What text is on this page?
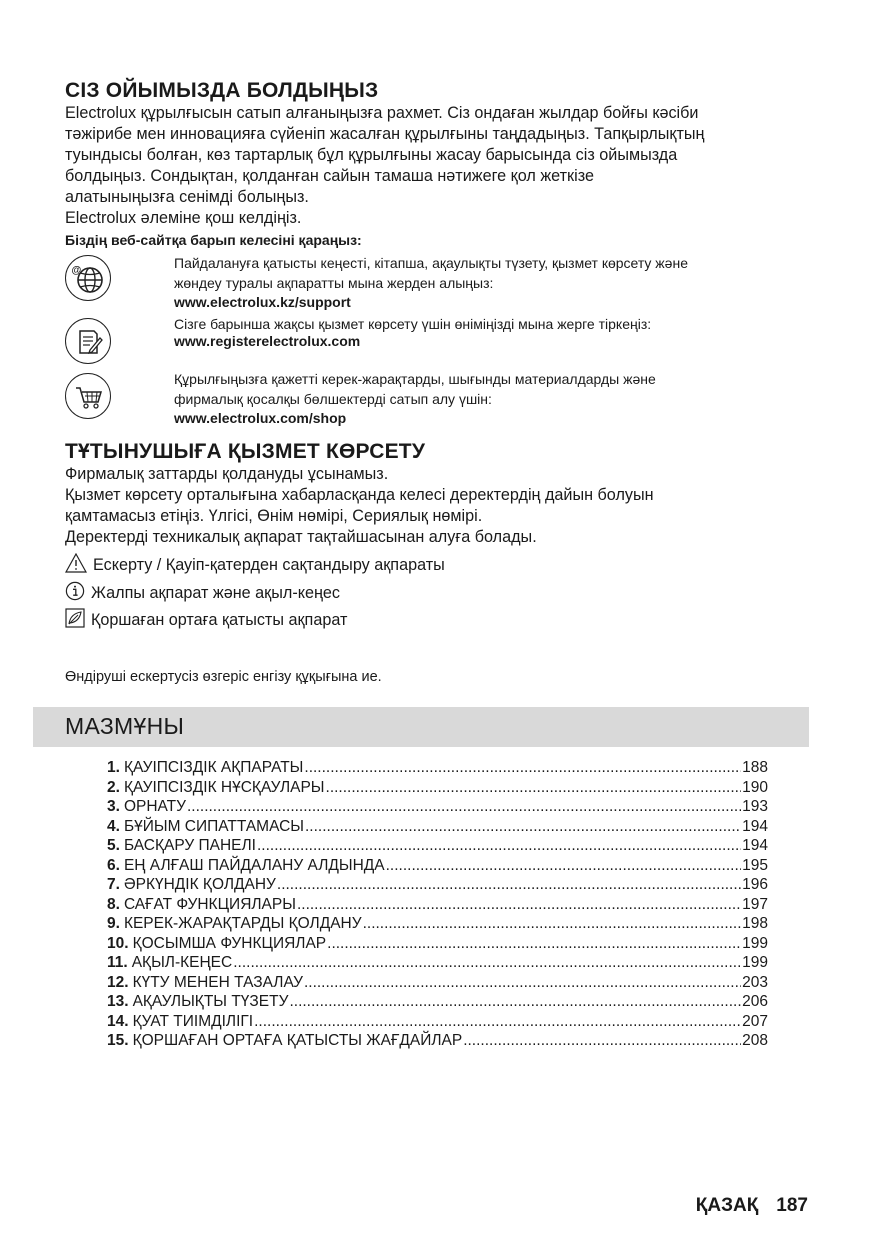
СІЗ ОЙЫМЫЗДА БОЛДЫҢЫЗ
Electrolux құрылғысын сатып алғаныңызға рахмет. Сіз ондаған жылдар бойғы кәсіби
тәжірибе мен инновацияға сүйеніп жасалған құрылғыны таңдадыңыз. Тапқырлықтың
туындысы болған, көз тартарлық бұл құрылғыны жасау барысында сіз ойымызда
болдыңыз. Сондықтан, қолданған сайын тамаша нәтижеге қол жеткізе
алатыныңызға сенімді болыңыз.
Electrolux әлеміне қош келдіңіз.
Біздің веб-сайтқа барып келесіні қараңыз:
@	Пайдалануға қатысты кеңесті, кітапша, ақаулықты түзету, қызмет көрсету және
жөндеу туралы ақпаратты мына жерден алыңыз:
www.electrolux.kz/support
Сізге барынша жақсы қызмет көрсету үшін өніміңізді мына жерге тіркеңіз:
www.registerelectrolux.com
Құрылғыңызға қажетті керек-жарақтарды, шығынды материалдарды және
фирмалық қосалқы бөлшектерді сатып алу үшін:
www.electrolux.com/shop
ТҰТЫНУШЫҒА ҚЫЗМЕТ КӨРСЕТУ
Фирмалық заттарды қолдануды ұсынамыз.
Қызмет көрсету орталығына хабарласқанда келесі деректердің дайын болуын
қамтамасыз етіңіз. Үлгісі, Өнім нөмірі, Сериялық нөмірі.
Деректерді техникалық ақпарат тақтайшасынан алуға болады.
Ескерту / Қауіп-қатерден сақтандыру ақпараты
Жалпы ақпарат және ақыл-кеңес
Қоршаған ортаға қатысты ақпарат
Өндіруші ескертусіз өзгеріс енгізу құқығына ие.
МАЗМҰНЫ
1. ҚАУІПСІЗДІК АҚПАРАТЫ .....	188
2. ҚАУІПСІЗДІК НҰСҚАУЛАРЫ .....	190
3. ОРНАТУ .....	193
4. БҰЙЫМ СИПАТТАМАСЫ .....	194
5. БАСҚАРУ ПАНЕЛІ .....	194
6. ЕҢ АЛҒАШ ПАЙДАЛАНУ АЛДЫНДА .....	195
7. ӘРКҮНДІК ҚОЛДАНУ .....	196
8. САҒАТ ФУНКЦИЯЛАРЫ .....	197
9. КЕРЕК-ЖАРАҚТАРДЫ ҚОЛДАНУ .....	198
10. ҚОСЫМША ФУНКЦИЯЛАР .....	199
11. АҚЫЛ-КЕҢЕС .....	199
12. КҮТУ МЕНЕН ТАЗАЛАУ .....	203
13. АҚАУЛЫҚТЫ ТҮЗЕТУ .....	206
14. ҚУАТ ТИІМДІЛІГІ .....	207
15. ҚОРШАҒАН ОРТАҒА ҚАТЫСТЫ ЖАҒДАЙЛАР .....	208
ҚАЗАҚ 187
